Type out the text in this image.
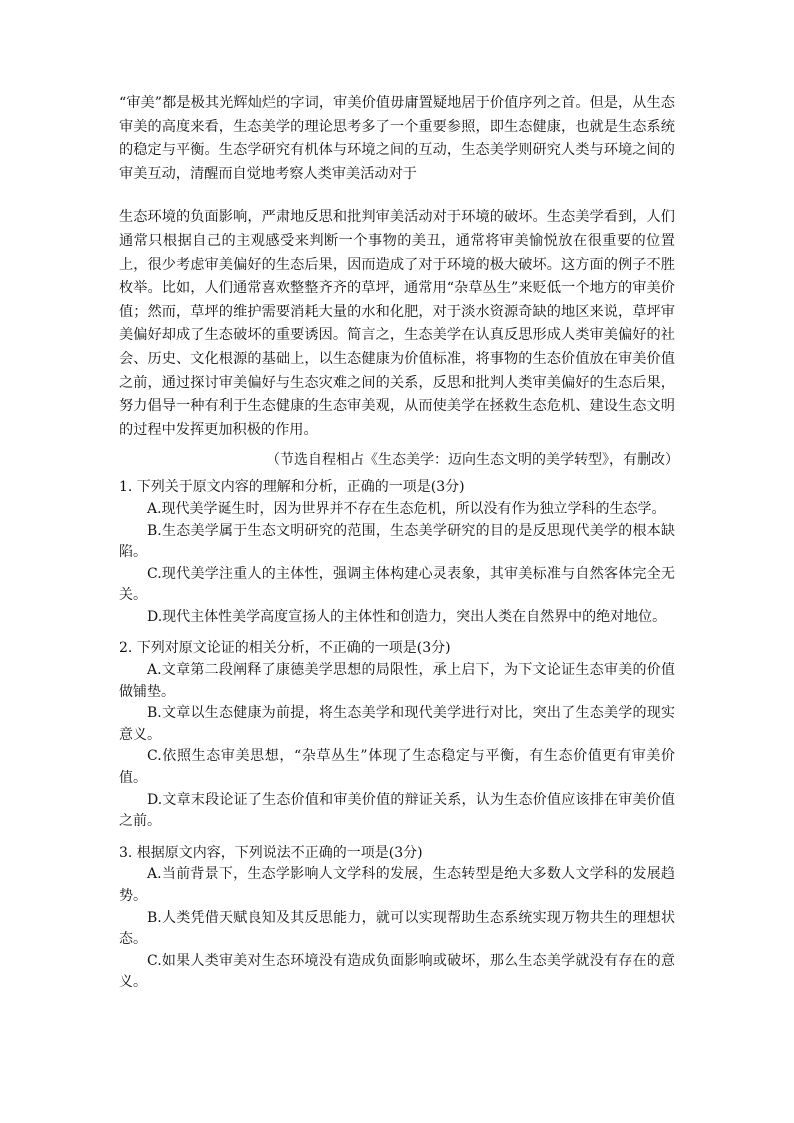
“审美”都是极其光辉灿烂的字词，审美价值毋庸置疑地居于价值序列之首。但是，从生态审美的高度来看，生态美学的理论思考多了一个重要参照，即生态健康，也就是生态系统的稳定与平衡。生态学研究有机体与环境之间的互动，生态美学则研究人类与环境之间的审美互动，清醒而自觉地考察人类审美活动对于

生态环境的负面影响，严肃地反思和批判审美活动对于环境的破坏。生态美学看到，人们通常只根据自己的主观感受来判断一个事物的美丑，通常将审美愉悦放在很重要的位置上，很少考虑审美偏好的生态后果，因而造成了对于环境的极大破坏。这方面的例子不胜枚举。比如，人们通常喜欢整整齐齐的草坪，通常用“杂草丛生”来贬低一个地方的审美价值；然而，草坪的维护需要消耗大量的水和化肥，对于淡水资源奇缺的地区来说，草坪审美偏好却成了生态破坏的重要诱因。简言之，生态美学在认真反思形成人类审美偏好的社会、历史、文化根源的基础上，以生态健康为价值标准，将事物的生态价值放在审美价值之前，通过探讨审美偏好与生态灾难之间的关系，反思和批判人类审美偏好的生态后果，努力倡导一种有利于生态健康的生态审美观，从而使美学在拯救生态危机、建设生态文明的过程中发挥更加积极的作用。

（节选自程相占《生态美学：迈向生态文明的美学转型》，有删改）

1. 下列关于原文内容的理解和分析，正确的一项是(3分)

A.现代美学诞生时，因为世界并不存在生态危机，所以没有作为独立学科的生态学。

B.生态美学属于生态文明研究的范围，生态美学研究的目的是反思现代美学的根本缺陷。

C.现代美学注重人的主体性，强调主体构建心灵表象，其审美标准与自然客体完全无关。

D.现代主体性美学高度宣扬人的主体性和创造力，突出人类在自然界中的绝对地位。

2. 下列对原文论证的相关分析，不正确的一项是(3分)

A.文章第二段阐释了康德美学思想的局限性，承上启下，为下文论证生态审美的价值做铺垫。

B.文章以生态健康为前提，将生态美学和现代美学进行对比，突出了生态美学的现实意义。

C.依照生态审美思想，“杂草丛生”体现了生态稳定与平衡，有生态价值更有审美价值。

D.文章末段论证了生态价值和审美价值的辩证关系，认为生态价值应该排在审美价值之前。

3. 根据原文内容，下列说法不正确的一项是(3分)

A.当前背景下，生态学影响人文学科的发展，生态转型是绝大多数人文学科的发展趋势。

B.人类凭借天赋良知及其反思能力，就可以实现帮助生态系统实现万物共生的理想状态。

C.如果人类审美对生态环境没有造成负面影响或破坏，那么生态美学就没有存在的意义。
